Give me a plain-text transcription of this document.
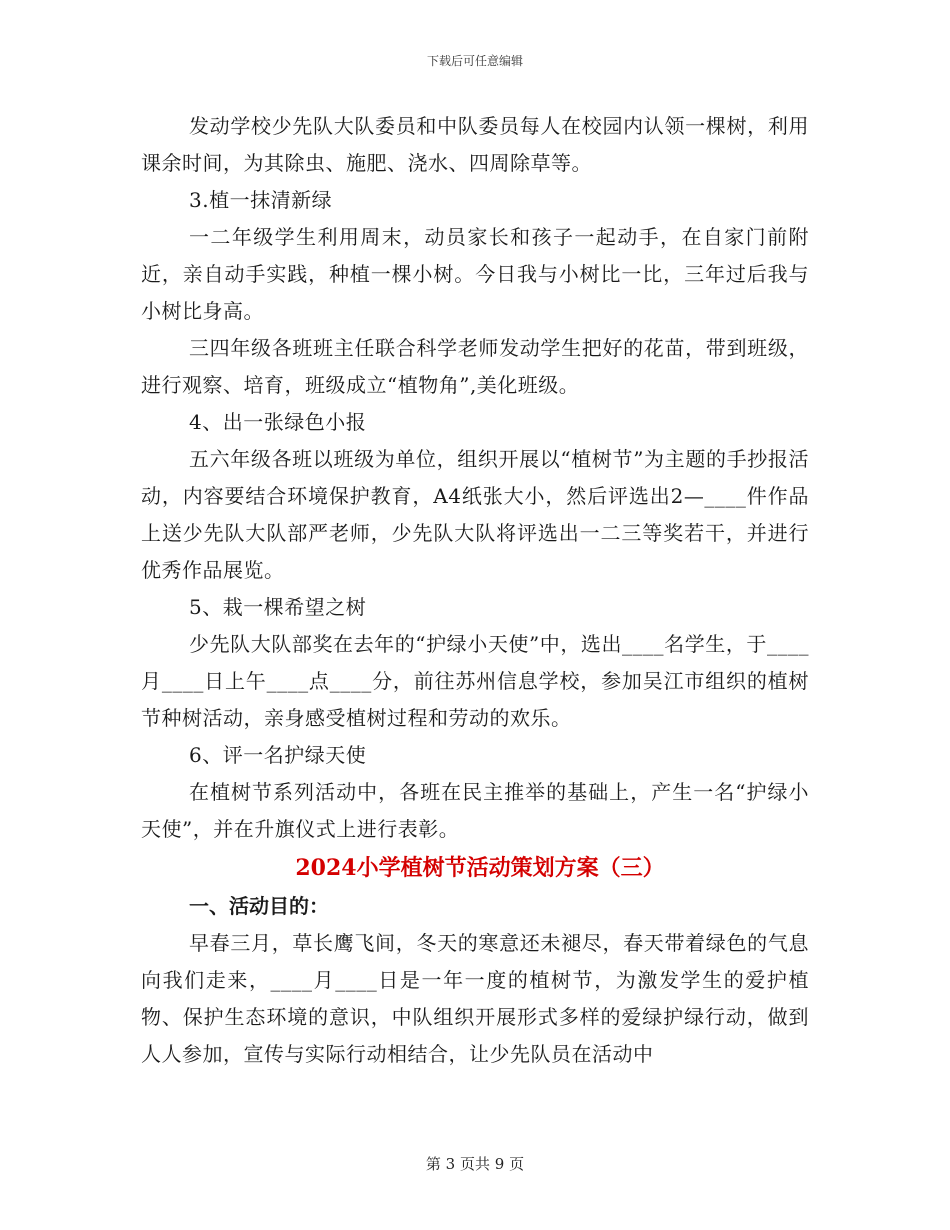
下载后可任意编辑

发动学校少先队大队委员和中队委员每人在校园内认领一棵树，利用课余时间，为其除虫、施肥、浇水、四周除草等。

3.植一抹清新绿

一二年级学生利用周末，动员家长和孩子一起动手，在自家门前附近，亲自动手实践，种植一棵小树。今日我与小树比一比，三年过后我与小树比身高。

三四年级各班班主任联合科学老师发动学生把好的花苗，带到班级，进行观察、培育，班级成立“植物角”,美化班级。

4、出一张绿色小报

五六年级各班以班级为单位，组织开展以“植树节”为主题的手抄报活动，内容要结合环境保护教育，A4纸张大小，然后评选出2—____件作品上送少先队大队部严老师，少先队大队将评选出一二三等奖若干，并进行优秀作品展览。

5、栽一棵希望之树

少先队大队部奖在去年的“护绿小天使”中，选出____名学生，于____月____日上午____点____分，前往苏州信息学校，参加吴江市组织的植树节种树活动，亲身感受植树过程和劳动的欢乐。

6、评一名护绿天使

在植树节系列活动中，各班在民主推举的基础上，产生一名“护绿小天使”，并在升旗仪式上进行表彰。

2024小学植树节活动策划方案（三）

一、活动目的：

早春三月，草长鹰飞间，冬天的寒意还未褪尽，春天带着绿色的气息向我们走来，____月____日是一年一度的植树节，为激发学生的爱护植物、保护生态环境的意识，中队组织开展形式多样的爱绿护绿行动，做到人人参加，宣传与实际行动相结合，让少先队员在活动中

第 3 页共 9 页
